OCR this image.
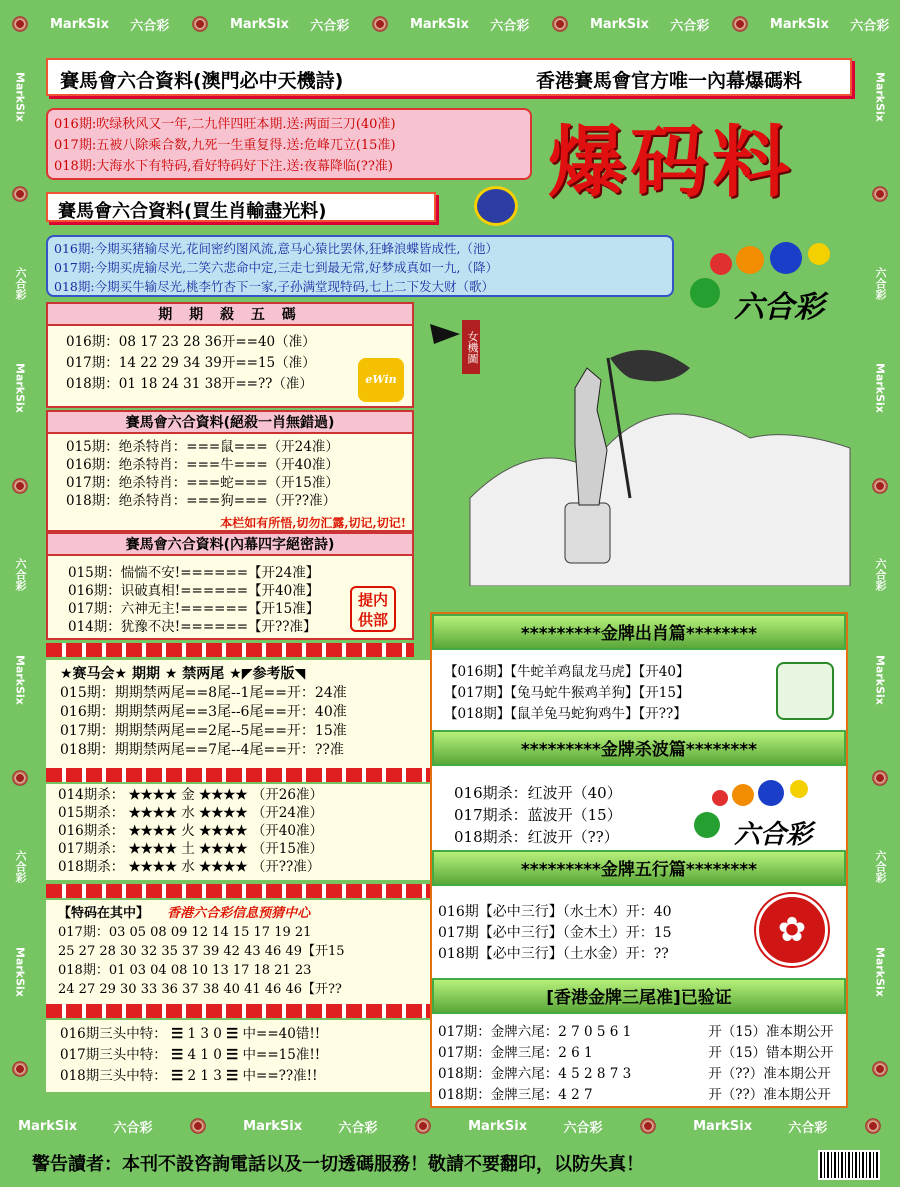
MarkSix 六合彩	MarkSix 六合彩	MarkSix 六合彩	MarkSix 六合彩	MarkSix 六合彩
MarkSix	六合彩	MarkSix	六合彩	MarkSix	六合彩	MarkSix	六合彩
MarkSix
六合彩
MarkSix
六合彩
MarkSix
六合彩
MarkSix
MarkSix
六合彩
MarkSix
六合彩
MarkSix
六合彩
MarkSix
賽馬會六合資料(澳門必中天機詩)	香港賽馬會官方唯一內幕爆碼料
016期:吹绿秋风又一年,二九伴四旺本期.送:两面三刀(40准)
017期:五被八除乘合数,九死一生重复得.送:危峰兀立(15准)
018期:大海水下有特码,看好特码好下注.送:夜幕降临(??准)	爆码料
賽馬會六合資料(買生肖輸盡光料)
016期:今期买猪输尽光,花间密约图风流,意马心猿比罢休,狂蜂浪蝶皆成性,（池）
017期:今期买虎输尽光,二笑六悲命中定,三走七到最无常,好梦成真如一九,（降）
018期:今期买牛输尽光,桃李竹杏下一家,子孙满堂现特码,七上二下发大财（歌）
六合彩
期 期 殺 五 碼
016期：08 17 23 28 36开==40（准）
017期：14 22 29 34 39开==15（准）
018期：01 18 24 31 38开==??（准）	eWin
賽馬會六合資料(絕殺一肖無錯過)
015期：绝杀特肖：===鼠===（开24准）
016期：绝杀特肖：===牛===（开40准）
017期：绝杀特肖：===蛇===（开15准）
018期：绝杀特肖：===狗===（开??准）
本栏如有所悟,切勿汇露,切记,切记!
賽馬會六合資料(內幕四字絕密詩)
015期：惴惴不安!======【开24准】
016期：识破真相!======【开40准】
017期：六神无主!======【开15准】
014期：犹豫不决!======【开??准】
提内
供部
★赛马会★ 期期 ★ 禁两尾 ★◤参考版◥
015期：期期禁两尾==8尾--1尾==开：24准
016期：期期禁两尾==3尾--6尾==开：40准
017期：期期禁两尾==2尾--5尾==开：15准
018期：期期禁两尾==7尾--4尾==开：??准
014期杀： ★★★★ 金 ★★★★ （开26准）
015期杀： ★★★★ 水 ★★★★ （开24准）
016期杀： ★★★★ 火 ★★★★ （开40准）
017期杀： ★★★★ 土 ★★★★ （开15准）
018期杀： ★★★★ 水 ★★★★ （开??准）
【特码在其中】 香港六合彩信息预猜中心
017期：03 05 08 09 12 14 15 17 19 21
25 27 28 30 32 35 37 39 42 43 46 49【开15
018期：01 03 04 08 10 13 17 18 21 23
24 27 29 30 33 36 37 38 40 41 46 46【开??
016期三头中特： ☰ 1 3 0 ☰ 中==40错!!
017期三头中特： ☰ 4 1 0 ☰ 中==15准!!
018期三头中特： ☰ 2 1 3 ☰ 中==??准!!
女機圖
*********金牌出肖篇********
【016期】【牛蛇羊鸡鼠龙马虎】【开40】
【017期】【兔马蛇牛猴鸡羊狗】【开15】
【018期】【鼠羊兔马蛇狗鸡牛】【开??】
*********金牌杀波篇********
016期杀：红波开（40）
017期杀：蓝波开（15）
018期杀：红波开（??）	六合彩
*********金牌五行篇********
016期【必中三行】（水土木）开：40
017期【必中三行】（金木土）开：15
018期【必中三行】（土水金）开：??
✿
[香港金牌三尾准]已验证
017期：金牌六尾：2 7 0 5 6 1	开（15）准本期公开
017期：金牌三尾：2 6 1	开（15）错本期公开
018期：金牌六尾：4 5 2 8 7 3	开（??）准本期公开
018期：金牌三尾：4 2 7	开（??）准本期公开
警告讀者：本刊不設咨詢電話以及一切透碼服務！敬請不要翻印，以防失真！
